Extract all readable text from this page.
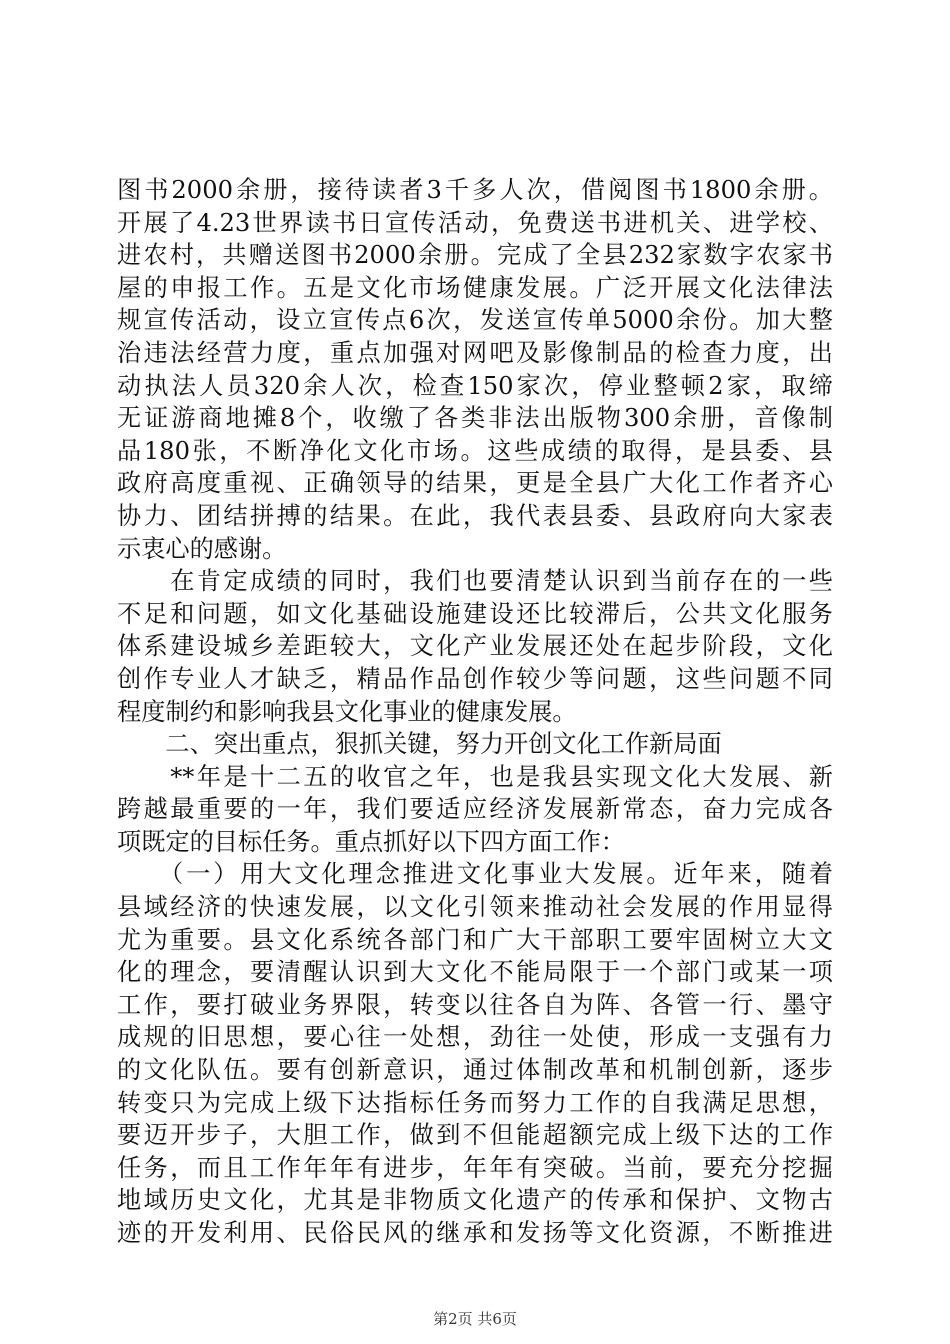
图书2000余册，接待读者3千多人次，借阅图书1800余册。
开展了4.23世界读书日宣传活动，免费送书进机关、进学校、
进农村，共赠送图书2000余册。完成了全县232家数字农家书
屋的申报工作。五是文化市场健康发展。广泛开展文化法律法
规宣传活动，设立宣传点6次，发送宣传单5000余份。加大整
治违法经营力度，重点加强对网吧及影像制品的检查力度，出
动执法人员320余人次，检查150家次，停业整顿2家，取缔
无证游商地摊8个，收缴了各类非法出版物300余册，音像制
品180张，不断净化文化市场。这些成绩的取得，是县委、县
政府高度重视、正确领导的结果，更是全县广大化工作者齐心
协力、团结拼搏的结果。在此，我代表县委、县政府向大家表
示衷心的感谢。
　　在肯定成绩的同时，我们也要清楚认识到当前存在的一些
不足和问题，如文化基础设施建设还比较滞后，公共文化服务
体系建设城乡差距较大，文化产业发展还处在起步阶段，文化
创作专业人才缺乏，精品作品创作较少等问题，这些问题不同
程度制约和影响我县文化事业的健康发展。
　　二、突出重点，狠抓关键，努力开创文化工作新局面
　　**年是十二五的收官之年，也是我县实现文化大发展、新
跨越最重要的一年，我们要适应经济发展新常态，奋力完成各
项既定的目标任务。重点抓好以下四方面工作：
　　（一）用大文化理念推进文化事业大发展。近年来，随着
县域经济的快速发展，以文化引领来推动社会发展的作用显得
尤为重要。县文化系统各部门和广大干部职工要牢固树立大文
化的理念，要清醒认识到大文化不能局限于一个部门或某一项
工作，要打破业务界限，转变以往各自为阵、各管一行、墨守
成规的旧思想，要心往一处想，劲往一处使，形成一支强有力
的文化队伍。要有创新意识，通过体制改革和机制创新，逐步
转变只为完成上级下达指标任务而努力工作的自我满足思想，
要迈开步子，大胆工作，做到不但能超额完成上级下达的工作
任务，而且工作年年有进步，年年有突破。当前，要充分挖掘
地域历史文化，尤其是非物质文化遗产的传承和保护、文物古
迹的开发利用、民俗民风的继承和发扬等文化资源，不断推进
第2页 共6页
